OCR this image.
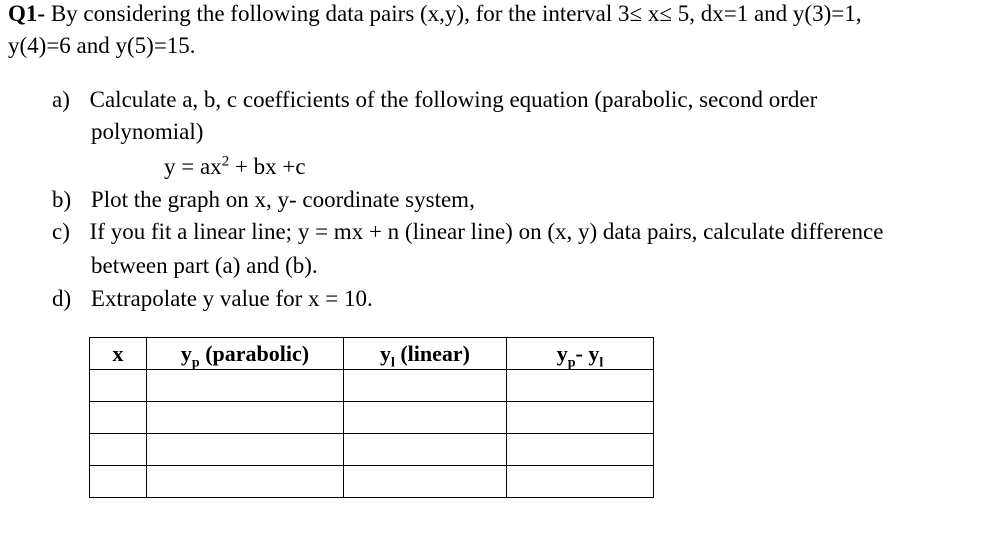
Q1- By considering the following data pairs (x,y), for the interval 3≤ x≤ 5, dx=1 and y(3)=1,
y(4)=6 and y(5)=15.
a) Calculate a, b, c coefficients of the following equation (parabolic, second order
polynomial)
$y = ax^2$ + bx +c
b) Plot the graph on x, y- coordinate system,
c) If you fit a linear line; y = mx + n (linear line) on (x, y) data pairs, calculate difference
between part (a) and (b).
d) Extrapolate y value for x = 10.
x	$y_p$ (parabolic)	$y_l$ (linear)	$y_p-$ $y_l$
